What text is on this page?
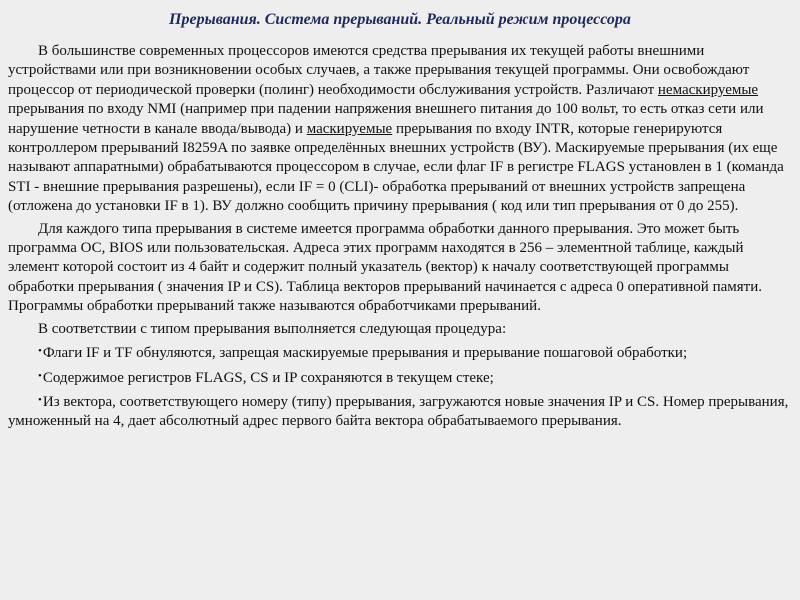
Прерывания. Система прерываний. Реальный режим процессора

В большинстве современных процессоров имеются средства прерывания их текущей работы внешними устройствами или при возникновении особых случаев, а также прерывания текущей программы. Они освобождают процессор от периодической проверки (полинг) необходимости обслуживания устройств. Различают немаскируемые прерывания по входу NMI (например при падении напряжения внешнего питания до 100 вольт, то есть отказ сети или нарушение четности в канале ввода/вывода) и маскируемые прерывания по входу INTR, которые генерируются контроллером прерываний I8259A по заявке определённых внешних устройств (ВУ). Маскируемые прерывания (их еще называют аппаратными) обрабатываются процессором в случае, если флаг IF в регистре FLAGS установлен в 1 (команда STI - внешние прерывания разрешены), если IF = 0 (CLI)- обработка прерываний от внешних устройств запрещена (отложена до установки IF в 1). ВУ должно сообщить причину прерывания ( код или тип прерывания от 0 до 255).

Для каждого типа прерывания в системе имеется программа обработки данного прерывания. Это может быть программа ОС, BIOS или пользовательская. Адреса этих программ находятся в 256 – элементной таблице, каждый элемент которой состоит из 4 байт и содержит полный указатель (вектор) к началу соответствующей программы обработки прерывания ( значения IP и CS). Таблица векторов прерываний начинается с адреса 0 оперативной памяти. Программы обработки прерываний также называются обработчиками прерываний.

В соответствии с типом прерывания выполняется следующая процедура:

•Флаги IF и TF обнуляются, запрещая маскируемые прерывания и прерывание пошаговой обработки;

•Содержимое регистров FLAGS, CS и IP сохраняются в текущем стеке;

•Из вектора, соответствующего номеру (типу) прерывания, загружаются новые значения IP и CS. Номер прерывания, умноженный на 4, дает абсолютный адрес первого байта вектора обрабатываемого прерывания.
